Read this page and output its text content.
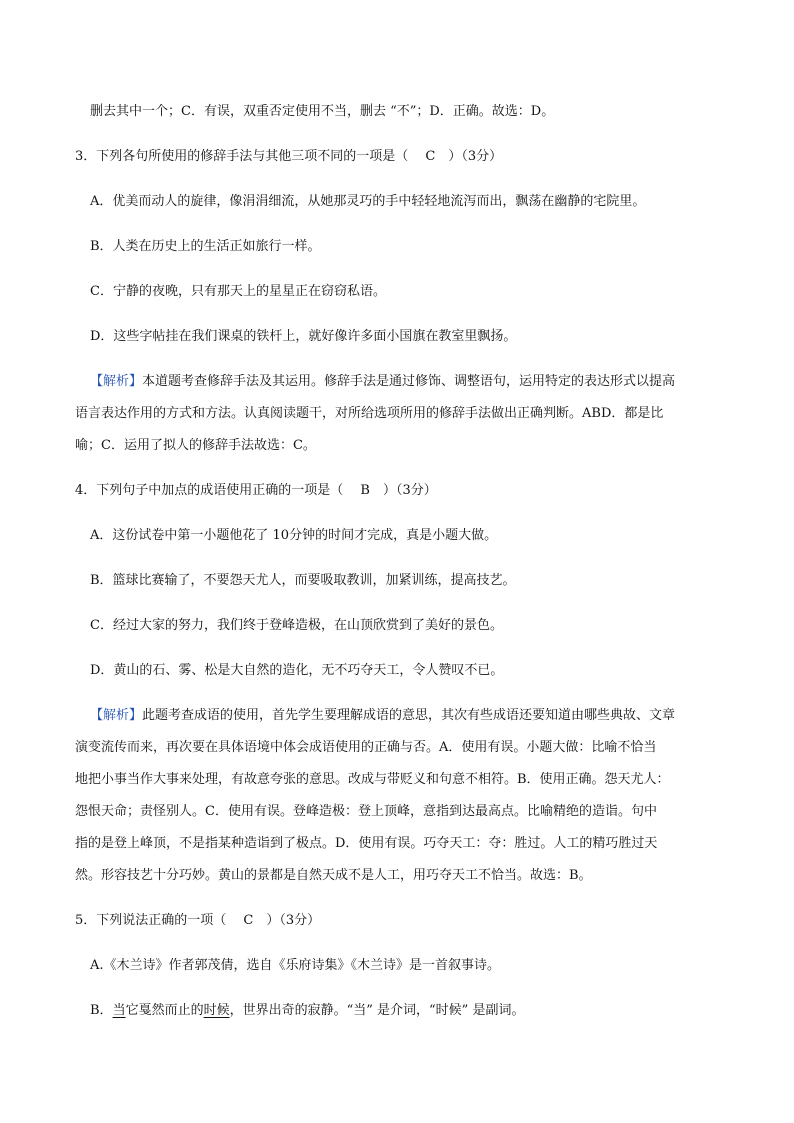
删去其中一个；C．有误，双重否定使用不当，删去 “不”；D．正确。故选：D。
3．下列各句所使用的修辞手法与其他三项不同的一项是（　 C　）（3分）
A．优美而动人的旋律，像涓涓细流，从她那灵巧的手中轻轻地流泻而出，飘荡在幽静的宅院里。
B．人类在历史上的生活正如旅行一样。
C．宁静的夜晚，只有那天上的星星正在窃窃私语。
D．这些字帖挂在我们课桌的铁杆上，就好像许多面小国旗在教室里飘扬。
【解析】本道题考查修辞手法及其运用。修辞手法是通过修饰、调整语句，运用特定的表达形式以提高
语言表达作用的方式和方法。认真阅读题干，对所给选项所用的修辞手法做出正确判断。ABD．都是比
喻；C．运用了拟人的修辞手法故选：C。
4．下列句子中加点的成语使用正确的一项是（　 B　）（3分）
A．这份试卷中第一小题他花了 10分钟的时间才完成，真是小题大做。
B．篮球比赛输了，不要怨天尤人，而要吸取教训，加紧训练，提高技艺。
C．经过大家的努力，我们终于登峰造极，在山顶欣赏到了美好的景色。
D．黄山的石、雾、松是大自然的造化，无不巧夺天工，令人赞叹不已。
【解析】此题考查成语的使用，首先学生要理解成语的意思，其次有些成语还要知道由哪些典故、文章
演变流传而来，再次要在具体语境中体会成语使用的正确与否。A．使用有误。小题大做：比喻不恰当
地把小事当作大事来处理，有故意夸张的意思。改成与带贬义和句意不相符。B．使用正确。怨天尤人：
怨恨天命；责怪别人。C．使用有误。登峰造极：登上顶峰，意指到达最高点。比喻精绝的造诣。句中
指的是登上峰顶，不是指某种造诣到了极点。D．使用有误。巧夺天工：夺：胜过。人工的精巧胜过天
然。形容技艺十分巧妙。黄山的景都是自然天成不是人工，用巧夺天工不恰当。故选：B。
5．下列说法正确的一项（　 C　）（3分）
A.《木兰诗》作者郭茂倩，选自《乐府诗集》《木兰诗》是一首叙事诗。
B．当它戛然而止的时候，世界出奇的寂静。“当” 是介词，“时候” 是副词。
